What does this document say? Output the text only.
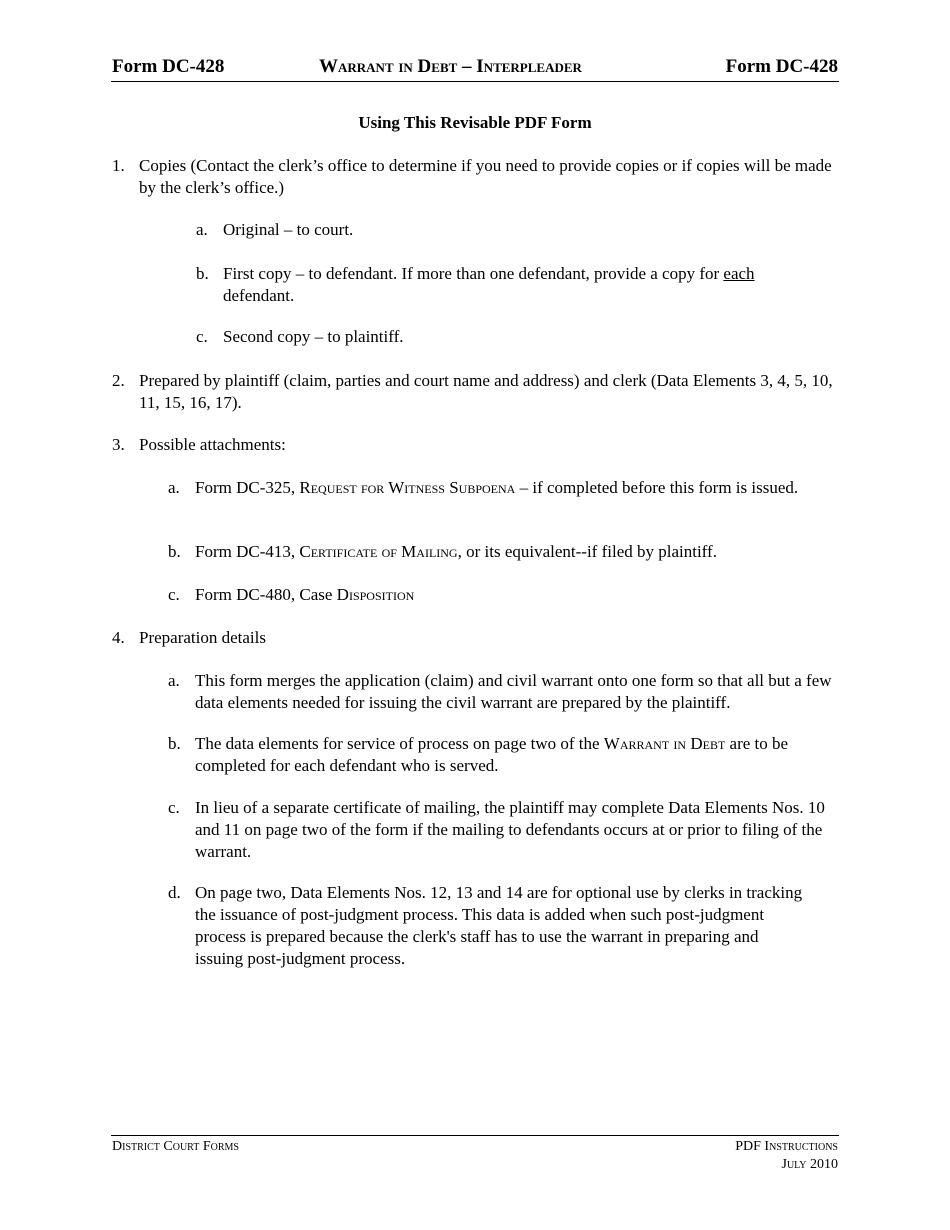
Form DC-428	Warrant in Debt – Interpleader	Form DC-428
Using This Revisable PDF Form
1. Copies (Contact the clerk’s office to determine if you need to provide copies or if copies will be made by the clerk’s office.)
a. Original – to court.
b. First copy – to defendant. If more than one defendant, provide a copy for each defendant.
c. Second copy – to plaintiff.
2. Prepared by plaintiff (claim, parties and court name and address) and clerk (Data Elements 3, 4, 5, 10, 11, 15, 16, 17).
3. Possible attachments:
a. Form DC-325, Request for Witness Subpoena – if completed before this form is issued.
b. Form DC-413, Certificate of Mailing, or its equivalent--if filed by plaintiff.
c. Form DC-480, Case Disposition
4. Preparation details
a. This form merges the application (claim) and civil warrant onto one form so that all but a few data elements needed for issuing the civil warrant are prepared by the plaintiff.
b. The data elements for service of process on page two of the Warrant in Debt are to be completed for each defendant who is served.
c. In lieu of a separate certificate of mailing, the plaintiff may complete Data Elements Nos. 10 and 11 on page two of the form if the mailing to defendants occurs at or prior to filing of the warrant.
d. On page two, Data Elements Nos. 12, 13 and 14 are for optional use by clerks in tracking the issuance of post-judgment process. This data is added when such post-judgment process is prepared because the clerk's staff has to use the warrant in preparing and issuing post-judgment process.
District Court Forms	PDF Instructions
July 2010
